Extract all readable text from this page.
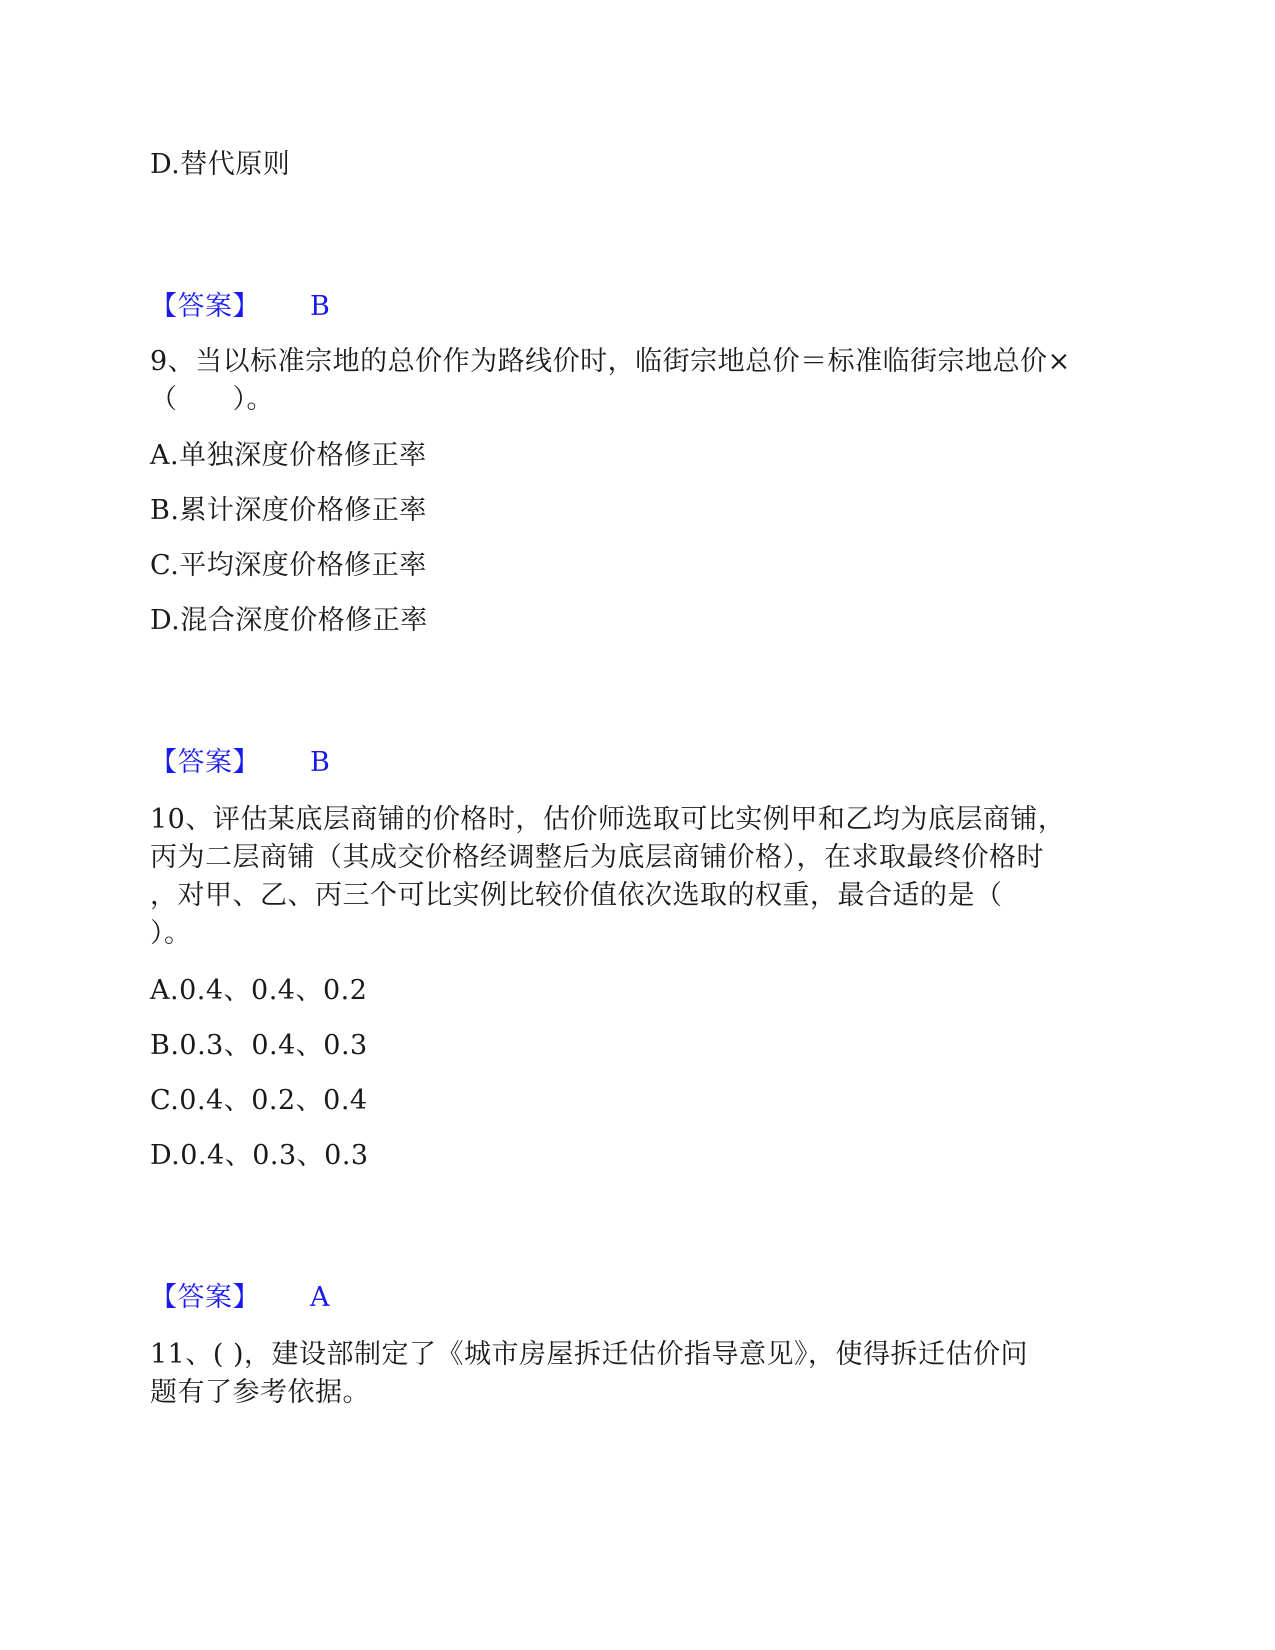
D.替代原则
【答案】 B
9、当以标准宗地的总价作为路线价时，临街宗地总价＝标准临街宗地总价×
（　　）。
A.单独深度价格修正率
B.累计深度价格修正率
C.平均深度价格修正率
D.混合深度价格修正率
【答案】 B
10、评估某底层商铺的价格时，估价师选取可比实例甲和乙均为底层商铺，
丙为二层商铺（其成交价格经调整后为底层商铺价格），在求取最终价格时
，对甲、乙、丙三个可比实例比较价值依次选取的权重，最合适的是（
）。
A.0.4、0.4、0.2
B.0.3、0.4、0.3
C.0.4、0.2、0.4
D.0.4、0.3、0.3
【答案】 A
11、( )，建设部制定了《城市房屋拆迁估价指导意见》，使得拆迁估价问
题有了参考依据。
